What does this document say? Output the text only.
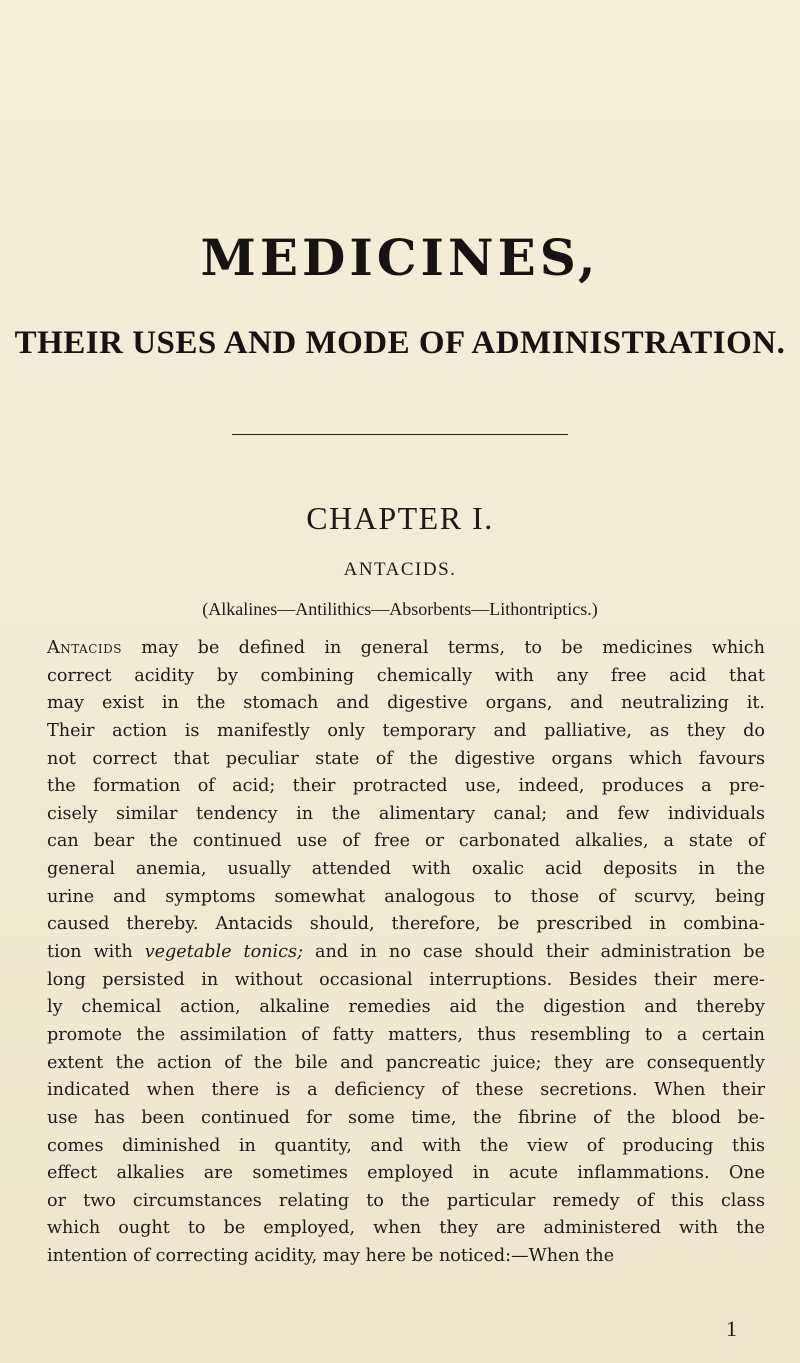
MEDICINES,
THEIR USES AND MODE OF ADMINISTRATION.
CHAPTER I.
ANTACIDS.
(Alkalines—Antilithics—Absorbents—Lithontriptics.)
Antacids may be defined in general terms, to be medicines which
correct acidity by combining chemically with any free acid that
may exist in the stomach and digestive organs, and neutralizing it.
Their action is manifestly only temporary and palliative, as they do
not correct that peculiar state of the digestive organs which favours
the formation of acid; their protracted use, indeed, produces a pre-
cisely similar tendency in the alimentary canal; and few individuals
can bear the continued use of free or carbonated alkalies, a state of
general anemia, usually attended with oxalic acid deposits in the
urine and symptoms somewhat analogous to those of scurvy, being
caused thereby. Antacids should, therefore, be prescribed in combina-
tion with vegetable tonics; and in no case should their administration be
long persisted in without occasional interruptions. Besides their mere-
ly chemical action, alkaline remedies aid the digestion and thereby
promote the assimilation of fatty matters, thus resembling to a certain
extent the action of the bile and pancreatic juice; they are consequently
indicated when there is a deficiency of these secretions. When their
use has been continued for some time, the fibrine of the blood be-
comes diminished in quantity, and with the view of producing this
effect alkalies are sometimes employed in acute inflammations. One
or two circumstances relating to the particular remedy of this class
which ought to be employed, when they are administered with the
intention of correcting acidity, may here be noticed:—When the
1
